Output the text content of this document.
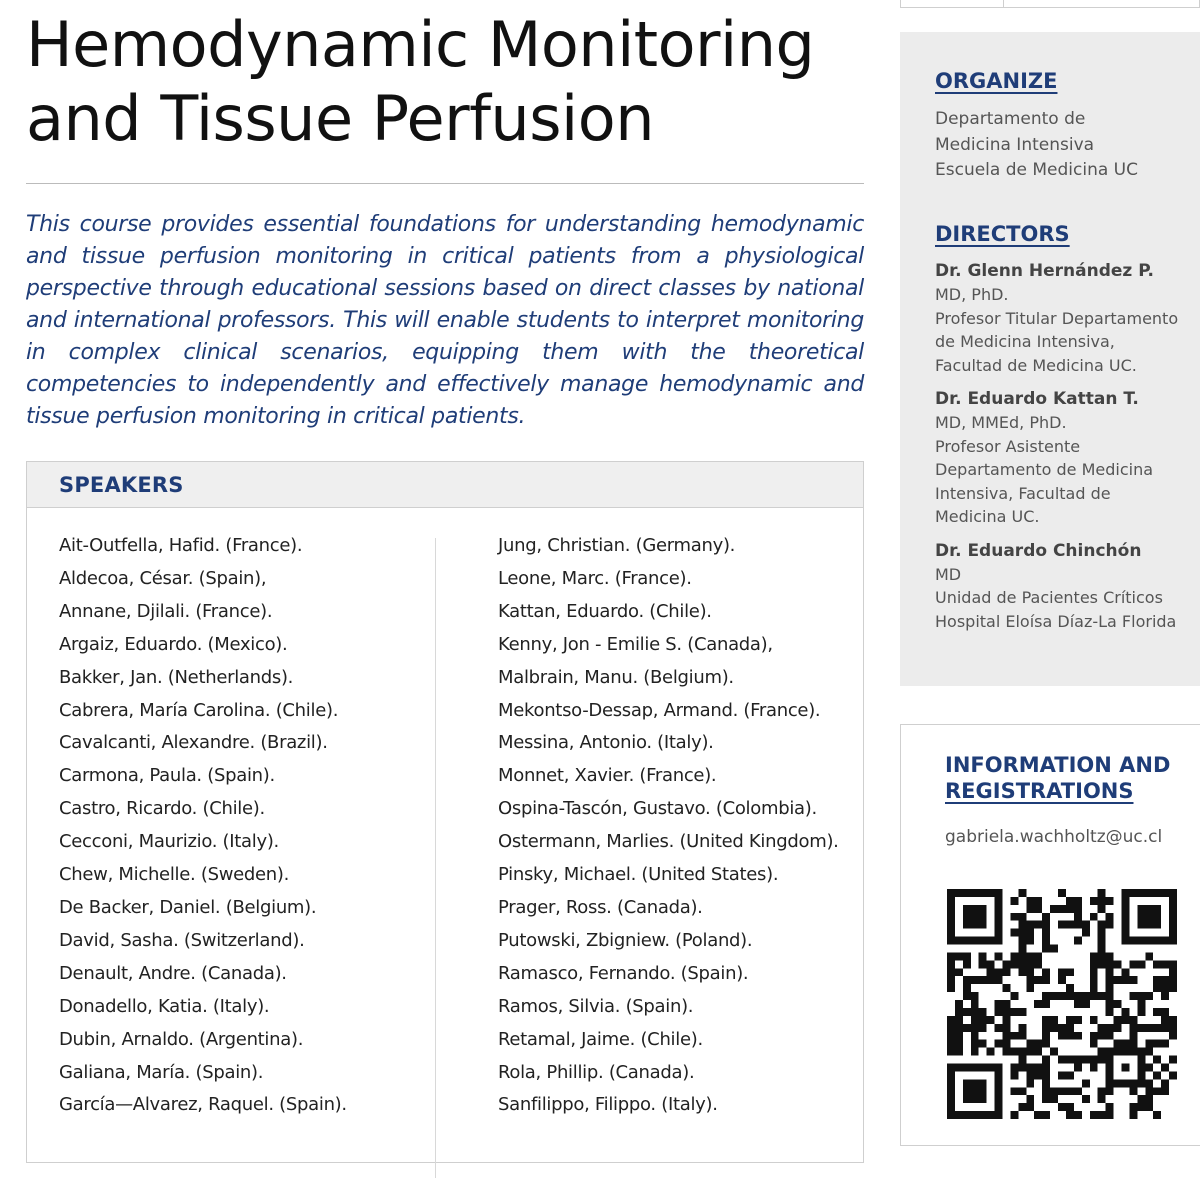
Hemodynamic Monitoring
and Tissue Perfusion

This course provides essential foundations for understanding hemodynamic and tissue perfusion monitoring in critical patients from a physiological perspective through educational sessions based on direct classes by national and international professors. This will enable students to interpret monitoring in complex clinical scenarios, equipping them with the theoretical competencies to independently and effectively manage hemodynamic and tissue perfusion monitoring in critical patients.

SPEAKERS
Ait-Outfella, Hafid. (France).
Aldecoa, César. (Spain),
Annane, Djilali. (France).
Argaiz, Eduardo. (Mexico).
Bakker, Jan. (Netherlands).
Cabrera, María Carolina. (Chile).
Cavalcanti, Alexandre. (Brazil).
Carmona, Paula. (Spain).
Castro, Ricardo. (Chile).
Cecconi, Maurizio. (Italy).
Chew, Michelle. (Sweden).
De Backer, Daniel. (Belgium).
David, Sasha. (Switzerland).
Denault, Andre. (Canada).
Donadello, Katia. (Italy).
Dubin, Arnaldo. (Argentina).
Galiana, María. (Spain).
García—Alvarez, Raquel. (Spain).
Jung, Christian. (Germany).
Leone, Marc. (France).
Kattan, Eduardo. (Chile).
Kenny, Jon - Emilie S. (Canada),
Malbrain, Manu. (Belgium).
Mekontso-Dessap, Armand. (France).
Messina, Antonio. (Italy).
Monnet, Xavier. (France).
Ospina-Tascón, Gustavo. (Colombia).
Ostermann, Marlies. (United Kingdom).
Pinsky, Michael. (United States).
Prager, Ross. (Canada).
Putowski, Zbigniew. (Poland).
Ramasco, Fernando. (Spain).
Ramos, Silvia. (Spain).
Retamal, Jaime. (Chile).
Rola, Phillip. (Canada).
Sanfilippo, Filippo. (Italy).
ORGANIZE

Departamento de

Medicina Intensiva

Escuela de Medicina UC

DIRECTORS

Dr. Glenn Hernández P.

MD, PhD.

Profesor Titular Departamento

de Medicina Intensiva,

Facultad de Medicina UC.

Dr. Eduardo Kattan T.

MD, MMEd, PhD.

Profesor Asistente

Departamento de Medicina

Intensiva, Facultad de

Medicina UC.

Dr. Eduardo Chinchón

MD

Unidad de Pacientes Críticos

Hospital Eloísa Díaz-La Florida

INFORMATION AND
REGISTRATIONS
gabriela.wachholtz@uc.cl
